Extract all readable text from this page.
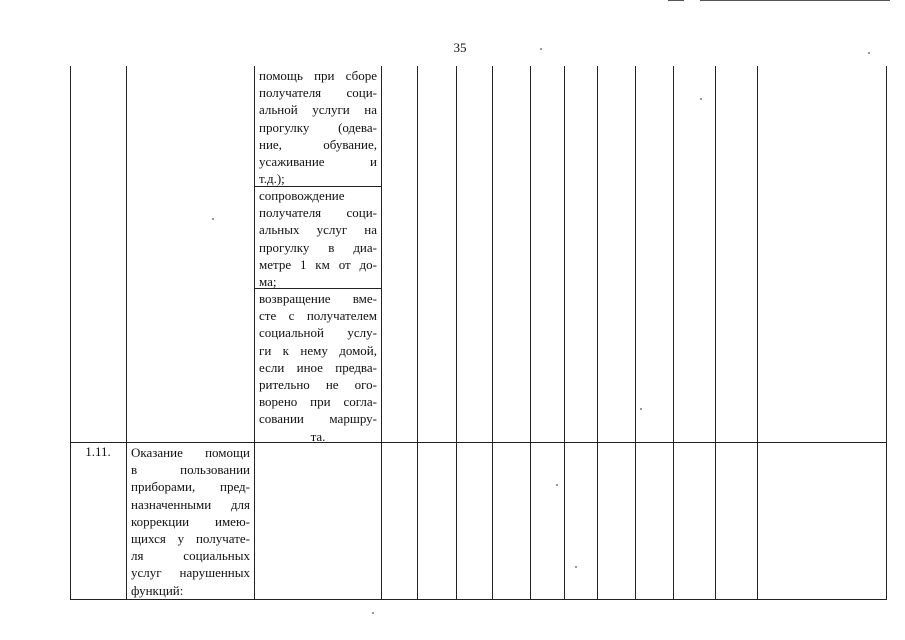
35
помощь при сборе
получателя соци-
альной услуги на
прогулку (одева-
ние, обувание,
усаживание и
т.д.);
сопровождение
получателя соци-
альных услуг на
прогулку в диа-
метре 1 км от до-
ма;
возвращение вме-
сте с получателем
социальной услу-
ги к нему домой,
если иное предва-
рительно не ого-
ворено при согла-
совании маршру-
та.
1.11.	Оказание помощи
в пользовании
приборами, пред-
назначенными для
коррекции имею-
щихся у получате-
ля социальных
услуг нарушенных
функций:
